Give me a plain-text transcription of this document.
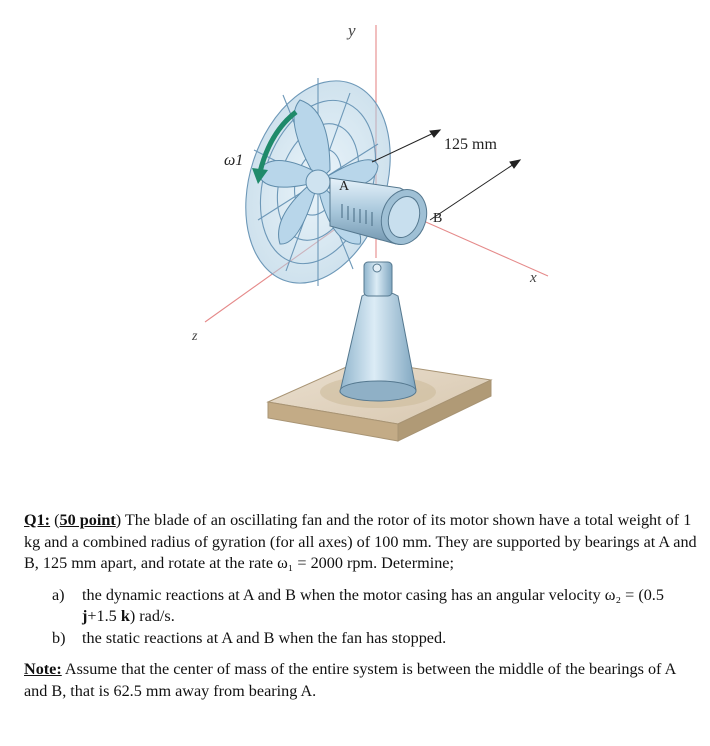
y
x
z
ω1
125 mm
A
B

Q1: (50 point) The blade of an oscillating fan and the rotor of its motor shown have a total weight of 1 kg and a combined radius of gyration (for all axes) of 100 mm. They are supported by bearings at A and B, 125 mm apart, and rotate at the rate ω₁ = 2000 rpm. Determine;

a) the dynamic reactions at A and B when the motor casing has an angular velocity ω₂ = (0.5 j+1.5 k) rad/s.
b) the static reactions at A and B when the fan has stopped.

Note: Assume that the center of mass of the entire system is between the middle of the bearings of A and B, that is 62.5 mm away from bearing A.
